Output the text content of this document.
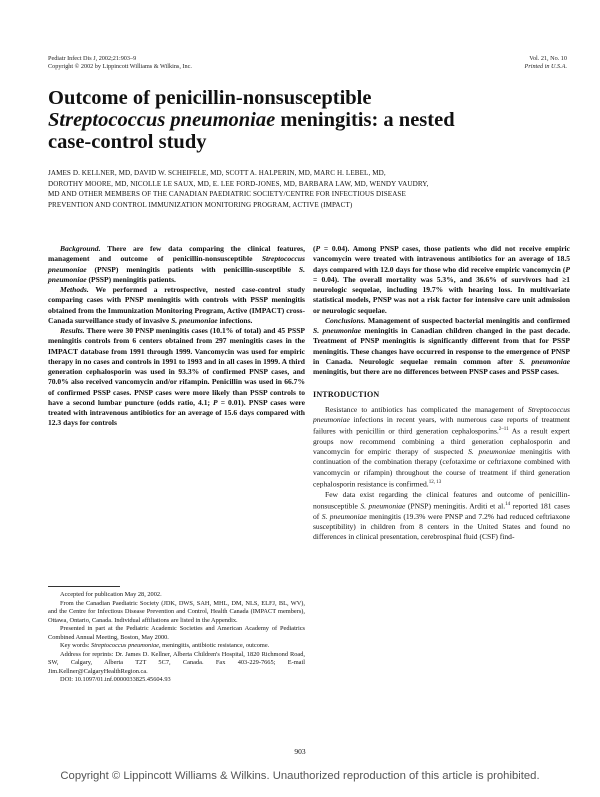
Pediatr Infect Dis J, 2002;21:903–9
Copyright © 2002 by Lippincott Williams & Wilkins, Inc.
Vol. 21, No. 10
Printed in U.S.A.
Outcome of penicillin-nonsusceptible
Streptococcus pneumoniae meningitis: a nested
case-control study
JAMES D. KELLNER, MD, DAVID W. SCHEIFELE, MD, SCOTT A. HALPERIN, MD, MARC H. LEBEL, MD,
DOROTHY MOORE, MD, NICOLLE LE SAUX, MD, E. LEE FORD-JONES, MD, BARBARA LAW, MD, WENDY VAUDRY,
MD AND OTHER MEMBERS OF THE CANADIAN PAEDIATRIC SOCIETY/CENTRE FOR INFECTIOUS DISEASE
PREVENTION AND CONTROL IMMUNIZATION MONITORING PROGRAM, ACTIVE (IMPACT)

Background. There are few data comparing the clinical features, management and outcome of penicillin-nonsusceptible Streptococcus pneumoniae (PNSP) meningitis patients with penicillin-susceptible S. pneumoniae (PSSP) meningitis patients.

Methods. We performed a retrospective, nested case-control study comparing cases with PNSP meningitis with controls with PSSP meningitis obtained from the Immunization Monitoring Program, Active (IMPACT) cross-Canada surveillance study of invasive S. pneumoniae infections.

Results. There were 30 PNSP meningitis cases (10.1% of total) and 45 PSSP meningitis controls from 6 centers obtained from 297 meningitis cases in the IMPACT database from 1991 through 1999. Vancomycin was used for empiric therapy in no cases and controls in 1991 to 1993 and in all cases in 1999. A third generation cephalosporin was used in 93.3% of confirmed PNSP cases, and 70.0% also received vancomycin and/or rifampin. Penicillin was used in 66.7% of confirmed PSSP cases. PNSP cases were more likely than PSSP controls to have a second lumbar puncture (odds ratio, 4.1; P = 0.01). PNSP cases were treated with intravenous antibiotics for an average of 15.6 days compared with 12.3 days for controls

Accepted for publication May 28, 2002.

From the Canadian Paediatric Society (JDK, DWS, SAH, MHL, DM, NLS, ELFJ, BL, WV), and the Centre for Infectious Disease Prevention and Control, Health Canada (IMPACT members), Ottawa, Ontario, Canada. Individual affiliations are listed in the Appendix.

Presented in part at the Pediatric Academic Societies and American Academy of Pediatrics Combined Annual Meeting, Boston, May 2000.

Key words: Streptococcus pneumoniae, meningitis, antibiotic resistance, outcome.

Address for reprints: Dr. James D. Kellner, Alberta Children's Hospital, 1820 Richmond Road, SW, Calgary, Alberta T2T 5C7, Canada. Fax 403-229-7665; E-mail Jim.Kellner@CalgaryHealthRegion.ca.

DOI: 10.1097/01.inf.0000033825.45604.93

(P = 0.04). Among PNSP cases, those patients who did not receive empiric vancomycin were treated with intravenous antibiotics for an average of 18.5 days compared with 12.0 days for those who did receive empiric vancomycin (P = 0.04). The overall mortality was 5.3%, and 36.6% of survivors had ≥1 neurologic sequelae, including 19.7% with hearing loss. In multivariate statistical models, PNSP was not a risk factor for intensive care unit admission or neurologic sequelae.

Conclusions. Management of suspected bacterial meningitis and confirmed S. pneumoniae meningitis in Canadian children changed in the past decade. Treatment of PNSP meningitis is significantly different from that for PSSP meningitis. These changes have occurred in response to the emergence of PNSP in Canada. Neurologic sequelae remain common after S. pneumoniae meningitis, but there are no differences between PNSP cases and PSSP cases.

INTRODUCTION

Resistance to antibiotics has complicated the management of Streptococcus pneumoniae infections in recent years, with numerous case reports of treatment failures with penicillin or third generation cephalosporins.$^{2-11}$ As a result expert groups now recommend combining a third generation cephalosporin and vancomycin for empiric therapy of suspected S. pneumoniae meningitis with continuation of the combination therapy (cefotaxime or ceftriaxone combined with vancomycin or rifampin) throughout the course of treatment if third generation cephalosporin resistance is confirmed.$^{12, 13}$

Few data exist regarding the clinical features and outcome of penicillin-nonsusceptible S. pneumoniae (PNSP) meningitis. Arditi et al.$^{14}$ reported 181 cases of S. pneumoniae meningitis (19.3% were PNSP and 7.2% had reduced ceftriaxone susceptibility) in children from 8 centers in the United States and found no differences in clinical presentation, cerebrospinal fluid (CSF) find-

903
Copyright © Lippincott Williams & Wilkins. Unauthorized reproduction of this article is prohibited.
